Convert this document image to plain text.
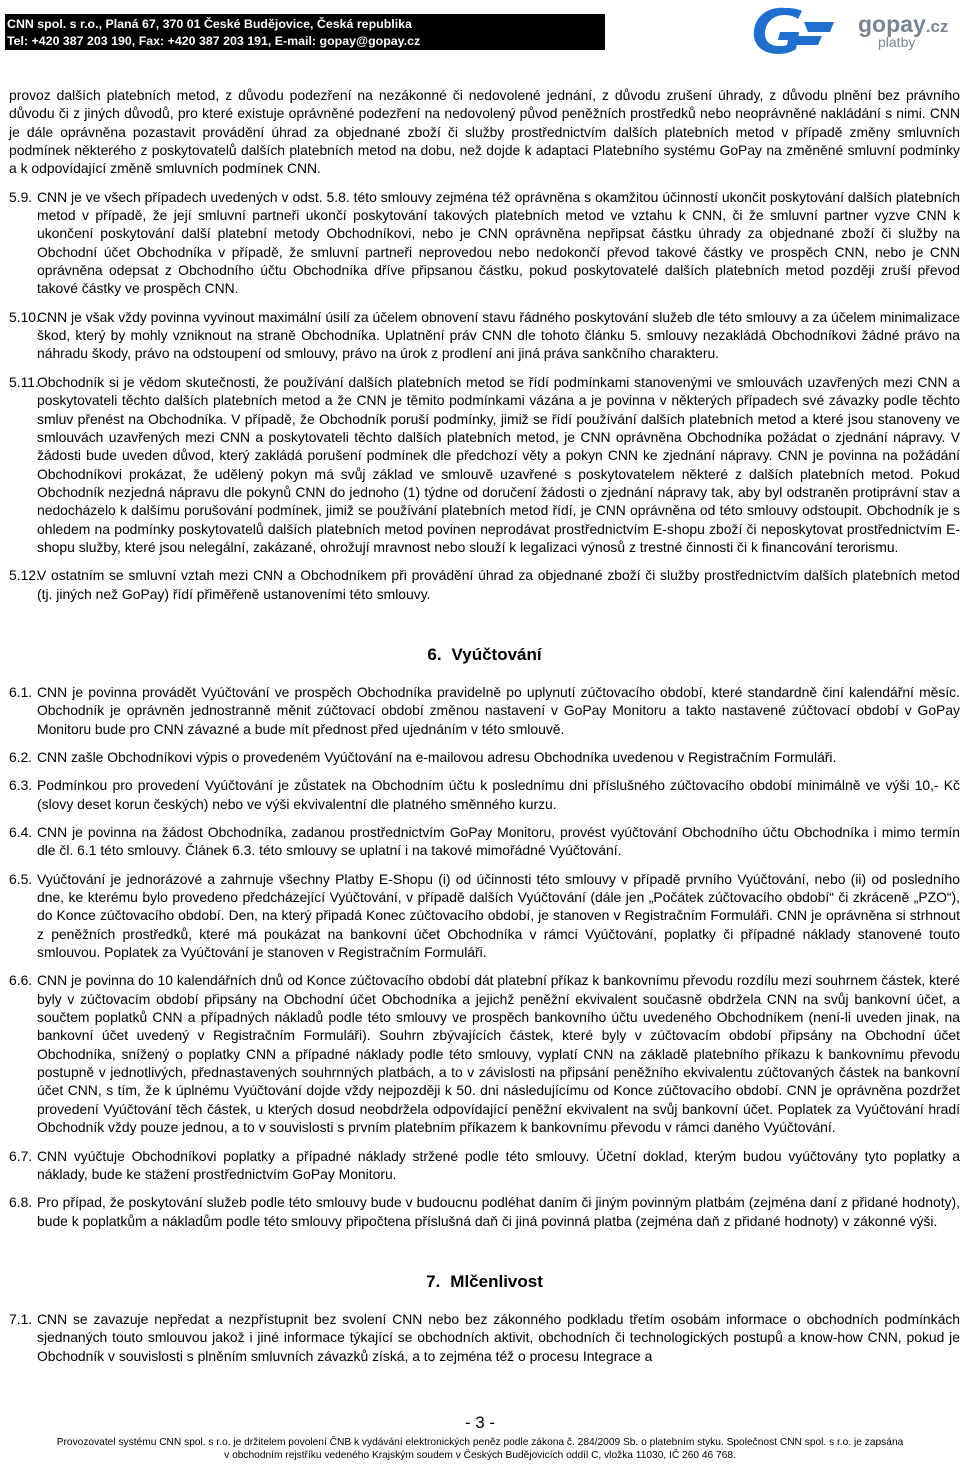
CNN spol. s r.o., Planá 67, 370 01 České Budějovice, Česká republika
Tel: +420 387 203 190, Fax: +420 387 203 191, E-mail: gopay@gopay.cz
gopay.cz
platby

provoz dalších platebních metod, z důvodu podezření na nezákonné či nedovolené jednání, z důvodu zrušení úhrady, z důvodu plnění bez právního důvodu či z jiných důvodů, pro které existuje oprávněné podezření na nedovolený původ peněžních prostředků nebo neoprávněné nakládání s nimi. CNN je dále oprávněna pozastavit provádění úhrad za objednané zboží či služby prostřednictvím dalších platebních metod v případě změny smluvních podmínek některého z poskytovatelů dalších platebních metod na dobu, než dojde k adaptaci Platebního systému GoPay na změněné smluvní podmínky a k odpovídající změně smluvních podmínek CNN.

5.9. CNN je ve všech případech uvedených v odst. 5.8. této smlouvy zejména též oprávněna s okamžitou účinností ukončit poskytování dalších platebních metod v případě, že její smluvní partneři ukončí poskytování takových platebních metod ve vztahu k CNN, či že smluvní partner vyzve CNN k ukončení poskytování další platební metody Obchodníkovi, nebo je CNN oprávněna nepřipsat částku úhrady za objednané zboží či služby na Obchodní účet Obchodníka v případě, že smluvní partneři neprovedou nebo nedokončí převod takové částky ve prospěch CNN, nebo je CNN oprávněna odepsat z Obchodního účtu Obchodníka dříve připsanou částku, pokud poskytovatelé dalších platebních metod později zruší převod takové částky ve prospěch CNN.

5.10.

CNN je však vždy povinna vyvinout maximální úsilí za účelem obnovení stavu řádného poskytování služeb dle této smlouvy a za účelem minimalizace škod, který by mohly vzniknout na straně Obchodníka. Uplatnění práv CNN dle tohoto článku 5. smlouvy nezakládá Obchodníkovi žádné právo na náhradu škody, právo na odstoupení od smlouvy, právo na úrok z prodlení ani jiná práva sankčního charakteru.

5.11.

Obchodník si je vědom skutečnosti, že používání dalších platebních metod se řídí podmínkami stanovenými ve smlouvách uzavřených mezi CNN a poskytovateli těchto dalších platebních metod a že CNN je těmito podmínkami vázána a je povinna v některých případech své závazky podle těchto smluv přenést na Obchodníka. V případě, že Obchodník poruší podmínky, jimiž se řídí používání dalších platebních metod a které jsou stanoveny ve smlouvách uzavřených mezi CNN a poskytovateli těchto dalších platebních metod, je CNN oprávněna Obchodníka požádat o zjednání nápravy. V žádosti bude uveden důvod, který zakládá porušení podmínek dle předchozí věty a pokyn CNN ke zjednání nápravy. CNN je povinna na požádání Obchodníkovi prokázat, že udělený pokyn má svůj základ ve smlouvě uzavřené s poskytovatelem některé z dalších platebních metod. Pokud Obchodník nezjedná nápravu dle pokynů CNN do jednoho (1) týdne od doručení žádosti o zjednání nápravy tak, aby byl odstraněn protiprávní stav a nedocházelo k dalšímu porušování podmínek, jimiž se používání platebních metod řídí, je CNN oprávněna od této smlouvy odstoupit. Obchodník je s ohledem na podmínky poskytovatelů dalších platebních metod povinen neprodávat prostřednictvím E-shopu zboží či neposkytovat prostřednictvím E-shopu služby, které jsou nelegální, zakázané, ohrožují mravnost nebo slouží k legalizaci výnosů z trestné činnosti či k financování terorismu.

5.12.

V ostatním se smluvní vztah mezi CNN a Obchodníkem při provádění úhrad za objednané zboží či služby prostřednictvím dalších platebních metod (tj. jiných než GoPay) řídí přiměřeně ustanoveními této smlouvy.

6. Vyúčtování
6.1. CNN je povinna provádět Vyúčtování ve prospěch Obchodníka pravidelně po uplynutí zúčtovacího období, které standardně činí kalendářní měsíc. Obchodník je oprávněn jednostranně měnit zúčtovací období změnou nastavení v GoPay Monitoru a takto nastavené zúčtovací období v GoPay Monitoru bude pro CNN závazné a bude mít přednost před ujednáním v této smlouvě.

6.2. CNN zašle Obchodníkovi výpis o provedeném Vyúčtování na e-mailovou adresu Obchodníka uvedenou v Registračním Formuláři.

6.3. Podmínkou pro provedení Vyúčtování je zůstatek na Obchodním účtu k poslednímu dni příslušného zúčtovacího období minimálně ve výši 10,- Kč (slovy deset korun českých) nebo ve výši ekvivalentní dle platného směnného kurzu.

6.4. CNN je povinna na žádost Obchodníka, zadanou prostřednictvím GoPay Monitoru, provést vyúčtování Obchodního účtu Obchodníka i mimo termín dle čl. 6.1 této smlouvy. Článek 6.3. této smlouvy se uplatní i na takové mimořádné Vyúčtování.

6.5. Vyúčtování je jednorázové a zahrnuje všechny Platby E-Shopu (i) od účinnosti této smlouvy v případě prvního Vyúčtování, nebo (ii) od posledního dne, ke kterému bylo provedeno předcházející Vyúčtování, v případě dalších Vyúčtování (dále jen „Počátek zúčtovacího období“ či zkráceně „PZO“), do Konce zúčtovacího období. Den, na který připadá Konec zúčtovacího období, je stanoven v Registračním Formuláři. CNN je oprávněna si strhnout z peněžních prostředků, které má poukázat na bankovní účet Obchodníka v rámci Vyúčtování, poplatky či případné náklady stanovené touto smlouvou. Poplatek za Vyúčtování je stanoven v Registračním Formuláři.

6.6. CNN je povinna do 10 kalendářních dnů od Konce zúčtovacího období dát platební příkaz k bankovnímu převodu rozdílu mezi souhrnem částek, které byly v zúčtovacím období připsány na Obchodní účet Obchodníka a jejichž peněžní ekvivalent současně obdržela CNN na svůj bankovní účet, a součtem poplatků CNN a případných nákladů podle této smlouvy ve prospěch bankovního účtu uvedeného Obchodníkem (není-li uveden jinak, na bankovní účet uvedený v Registračním Formuláři). Souhrn zbývajících částek, které byly v zúčtovacím období připsány na Obchodní účet Obchodníka, snížený o poplatky CNN a případné náklady podle této smlouvy, vyplatí CNN na základě platebního příkazu k bankovnímu převodu postupně v jednotlivých, přednastavených souhrnných platbách, a to v závislosti na připsání peněžního ekvivalentu zúčtovaných částek na bankovní účet CNN, s tím, že k úplnému Vyúčtování dojde vždy nejpozději k 50. dni následujícímu od Konce zúčtovacího období. CNN je oprávněna pozdržet provedení Vyúčtování těch částek, u kterých dosud neobdržela odpovídající peněžní ekvivalent na svůj bankovní účet. Poplatek za Vyúčtování hradí Obchodník vždy pouze jednou, a to v souvislosti s prvním platebním příkazem k bankovnímu převodu v rámci daného Vyúčtování.

6.7. CNN vyúčtuje Obchodníkovi poplatky a případné náklady stržené podle této smlouvy. Účetní doklad, kterým budou vyúčtovány tyto poplatky a náklady, bude ke stažení prostřednictvím GoPay Monitoru.

6.8. Pro případ, že poskytování služeb podle této smlouvy bude v budoucnu podléhat daním či jiným povinným platbám (zejména daní z přidané hodnoty), bude k poplatkům a nákladům podle této smlouvy připočtena příslušná daň či jiná povinná platba (zejména daň z přidané hodnoty) v zákonné výši.

7. Mlčenlivost
7.1. CNN se zavazuje nepředat a nezpřístupnit bez svolení CNN nebo bez zákonného podkladu třetím osobám informace o obchodních podmínkách sjednaných touto smlouvou jakož i jiné informace týkající se obchodních aktivit, obchodních či technologických postupů a know-how CNN, pokud je Obchodník v souvislosti s plněním smluvních závazků získá, a to zejména též o procesu Integrace a

- 3 -
Provozovatel systému CNN spol. s r.o. je držitelem povolení ČNB k vydávání elektronických peněz podle zákona č. 284/2009 Sb. o platebním styku. Společnost CNN spol. s r.o. je zapsána
v obchodním rejstříku vedeného Krajským soudem v Českých Budějovicích oddíl C, vložka 11030, IČ 260 46 768.
